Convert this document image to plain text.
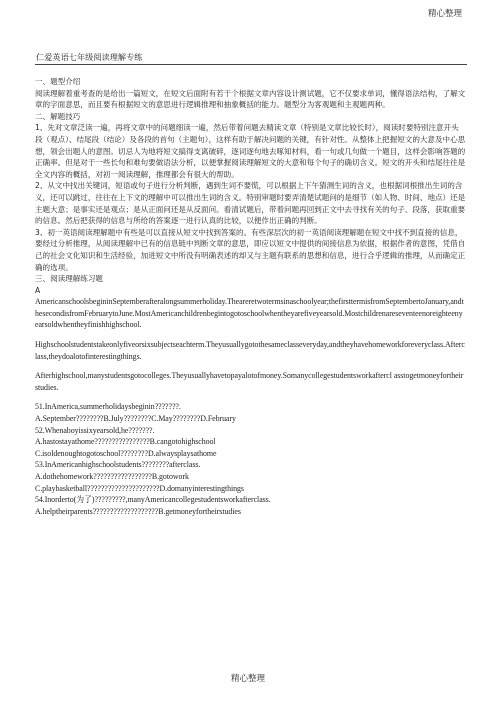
精心整理
仁爱英语七年级阅读理解专练

一、题型介绍

阅读理解着重考查的是给出一篇短文，在短文后面附有若干个根据文章内容设计测试题，它不仅要求单词，懂得语法结构，了解文章的字面意思，而且要有根据短文的意思进行逻辑推理和抽象概括的能力。题型分为客观题和主观题两种。

二、解题技巧

1、先对文章泛读一遍，再将文章中的问题细读一遍，然后带着问题去精读文章（特别是文章比较长时），阅读时要特别注意开头段（观点）、结尾段（结论）及各段的首句（主题句），这样有助于解决问题的关键，有针对性。从整体上把握短文的大意及中心思想，领会出题人的意图。切忌人为地将短文搞得支离破碎，逐词逐句地去啄知材料，看一句或几句做一个题目，这样会影响答题的正确率。但是对于一些长句和难句要做语法分析，以便掌握阅读理解短文的大意和每个句子的确切含义。短文的开头和结尾往往是全文内容的概括，对初一阅读理解，推理都会有很大的帮助。

2、从文中找出关键词，短语或句子进行分析判断，遇到生词不要慌，可以根据上下午猜测生词的含义，也根据词根推出生词的含义，还可以跳过，往往在上下文的理解中可以推出生词的含义。特别审题时要弄清楚试题问的是细节（如人物、时间、地点）还是主题大意；是事实还是观点；是从正面问还是从反面问。看清试题后，带着问题再回到正文中去寻找有关的句子、段落，获取重要的信息。然后把获得的信息与所给的答案逐一进行认真的比较，以便作出正确的判断。

3、初一英语阅读理解题中有些是可以直接从短文中找到答案的。有些深层次的初一英语阅读理解题在短文中找不到直接的信息，要经过分析推理，从阅读理解中已有的信息链中判断文章的意思，即应以短文中提供的间接信息为依据，根据作者的意图，凭借自己的社会文化知识和生活经验，加进短文中所没有明确表述的却又与主题有联系的思想和信息，进行合乎逻辑的推理，从而确定正确的选项。

三、阅读理解练习题

A

AmericanschoolsbegininSeptemberafteralongsummerholiday.Theareretwotermsinaschoolyear;thefirsttermisfromSeptembertoJanuary,andthesecondisfromFebruarytoJune.MostAmericanchildrenbegintogotoschoolwhentheyarefiveyearsold.Mostchildrenareseventeenoreighteenyearsoldwhentheyfinishhighschool.

Highschoolstudentstakeonlyfiveorsixsubjectseachterm.Theyusuallygotothesameclasseveryday,andtheyhavehomeworkforeveryclass.Afterclass,theydoalotofinterestingthings.

Afterhighschool,manystudentsgotocolleges.Theyusuallyhavetopayalotofmoney.Somanycollegestudentsworkaftercl asstogetmoneyfortheirstudies.

51.InAmerica,summerholidaysbeginin???????.

A.September????????B.July????????C.May????????D.February

52.Whenaboyissixyearsold,he???????.

A.hastostayathome????????????????B.cangotohighschool

C.isoldenoughtogotoschool????????D.alwaysplaysathome

53.InAmericanhighschoolstudents????????afterclass.

A.dothehomework?????????????????B.gotowork

C.playbasketball?????????????????????D.domanyinterestingthings

54.Inorderto(为了)?????????,manyAmericancollegestudentsworkafterclass.

A.helptheirparents???????????????????B.getmoneyfortheirstudies

精心整理
